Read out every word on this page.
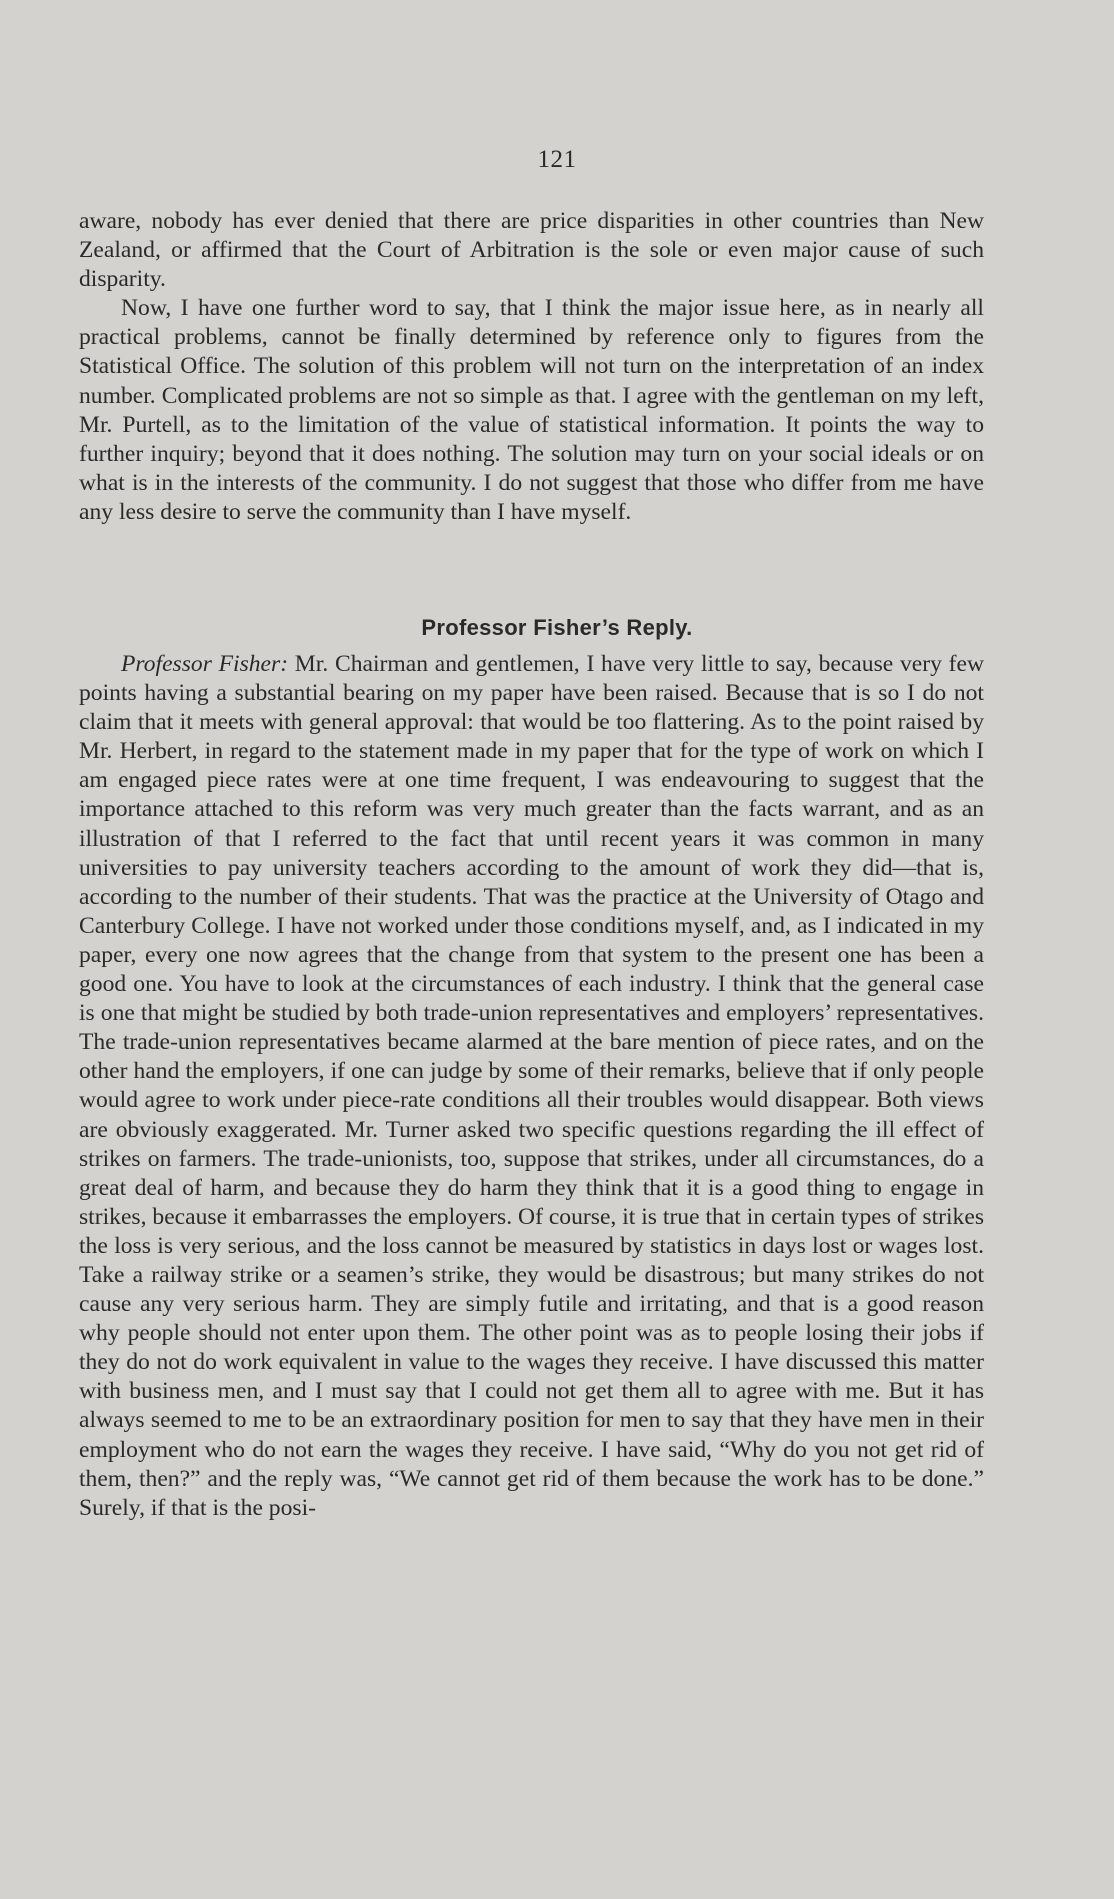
121

aware, nobody has ever denied that there are price disparities in other countries than New Zealand, or affirmed that the Court of Arbitration is the sole or even major cause of such disparity.

Now, I have one further word to say, that I think the major issue here, as in nearly all practical problems, cannot be finally determined by reference only to figures from the Statistical Office. The solution of this problem will not turn on the interpretation of an index number. Complicated problems are not so simple as that. I agree with the gentleman on my left, Mr. Purtell, as to the limitation of the value of statistical information. It points the way to further inquiry; beyond that it does nothing. The solution may turn on your social ideals or on what is in the interests of the community. I do not suggest that those who differ from me have any less desire to serve the community than I have myself.

Professor Fisher’s Reply.

Professor Fisher: Mr. Chairman and gentlemen, I have very little to say, because very few points having a substantial bearing on my paper have been raised. Because that is so I do not claim that it meets with general approval: that would be too flattering. As to the point raised by Mr. Herbert, in regard to the statement made in my paper that for the type of work on which I am engaged piece rates were at one time frequent, I was endeavouring to suggest that the importance attached to this reform was very much greater than the facts warrant, and as an illustration of that I referred to the fact that until recent years it was common in many universities to pay university teachers according to the amount of work they did—that is, according to the number of their students. That was the practice at the University of Otago and Canterbury College. I have not worked under those conditions myself, and, as I indicated in my paper, every one now agrees that the change from that system to the present one has been a good one. You have to look at the circumstances of each industry. I think that the general case is one that might be studied by both trade-union representatives and employers’ representatives. The trade-union representatives became alarmed at the bare mention of piece rates, and on the other hand the employers, if one can judge by some of their remarks, believe that if only people would agree to work under piece-rate conditions all their troubles would disappear. Both views are obviously exaggerated. Mr. Turner asked two specific questions regarding the ill effect of strikes on farmers. The trade-unionists, too, suppose that strikes, under all circumstances, do a great deal of harm, and because they do harm they think that it is a good thing to engage in strikes, because it embarrasses the employers. Of course, it is true that in certain types of strikes the loss is very serious, and the loss cannot be measured by statistics in days lost or wages lost. Take a railway strike or a seamen’s strike, they would be disastrous; but many strikes do not cause any very serious harm. They are simply futile and irritating, and that is a good reason why people should not enter upon them. The other point was as to people losing their jobs if they do not do work equivalent in value to the wages they receive. I have discussed this matter with business men, and I must say that I could not get them all to agree with me. But it has always seemed to me to be an extraordinary position for men to say that they have men in their employment who do not earn the wages they receive. I have said, “Why do you not get rid of them, then?” and the reply was, “We cannot get rid of them because the work has to be done.” Surely, if that is the posi-
